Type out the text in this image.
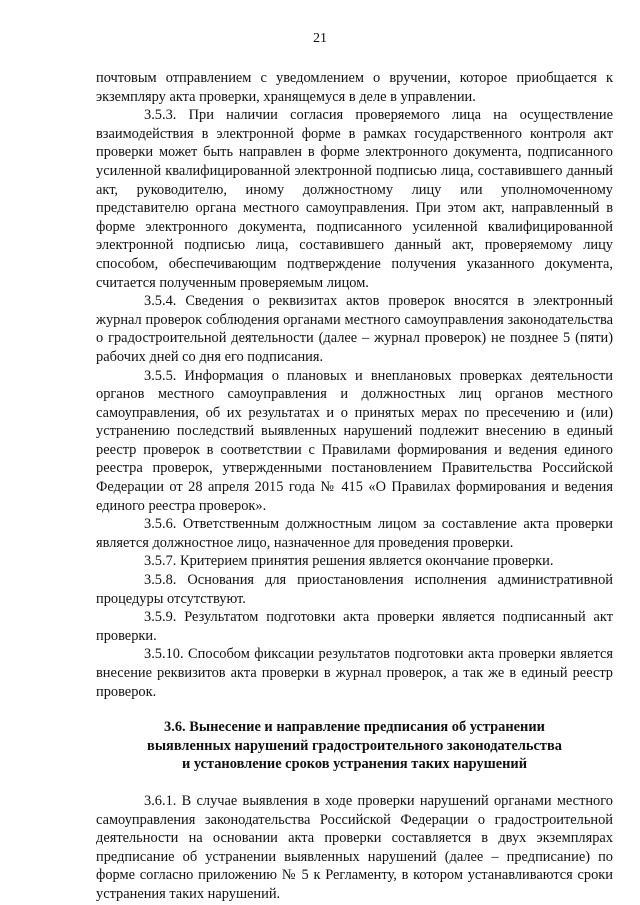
21

почтовым отправлением с уведомлением о вручении, которое приобщается к экземпляру акта проверки, хранящемуся в деле в управлении.

3.5.3. При наличии согласия проверяемого лица на осуществление взаимодействия в электронной форме в рамках государственного контроля акт проверки может быть направлен в форме электронного документа, подписанного усиленной квалифицированной электронной подписью лица, составившего данный акт, руководителю, иному должностному лицу или уполномоченному представителю органа местного самоуправления. При этом акт, направленный в форме электронного документа, подписанного усиленной квалифицированной электронной подписью лица, составившего данный акт, проверяемому лицу способом, обеспечивающим подтверждение получения указанного документа, считается полученным проверяемым лицом.

3.5.4. Сведения о реквизитах актов проверок вносятся в электронный журнал проверок соблюдения органами местного самоуправления законодательства о градостроительной деятельности (далее – журнал проверок) не позднее 5 (пяти) рабочих дней со дня его подписания.

3.5.5. Информация о плановых и внеплановых проверках деятельности органов местного самоуправления и должностных лиц органов местного самоуправления, об их результатах и о принятых мерах по пресечению и (или) устранению последствий выявленных нарушений подлежит внесению в единый реестр проверок в соответствии с Правилами формирования и ведения единого реестра проверок, утвержденными постановлением Правительства Российской Федерации от 28 апреля 2015 года № 415 «О Правилах формирования и ведения единого реестра проверок».

3.5.6. Ответственным должностным лицом за составление акта проверки является должностное лицо, назначенное для проведения проверки.

3.5.7. Критерием принятия решения является окончание проверки.

3.5.8. Основания для приостановления исполнения административной процедуры отсутствуют.

3.5.9. Результатом подготовки акта проверки является подписанный акт проверки.

3.5.10. Способом фиксации результатов подготовки акта проверки является внесение реквизитов акта проверки в журнал проверок, а так же в единый реестр проверок.

3.6. Вынесение и направление предписания об устранении
выявленных нарушений градостроительного законодательства
и установление сроков устранения таких нарушений

3.6.1. В случае выявления в ходе проверки нарушений органами местного самоуправления законодательства Российской Федерации о градостроительной деятельности на основании акта проверки составляется в двух экземплярах предписание об устранении выявленных нарушений (далее – предписание) по форме согласно приложению № 5 к Регламенту, в котором устанавливаются сроки устранения таких нарушений.
